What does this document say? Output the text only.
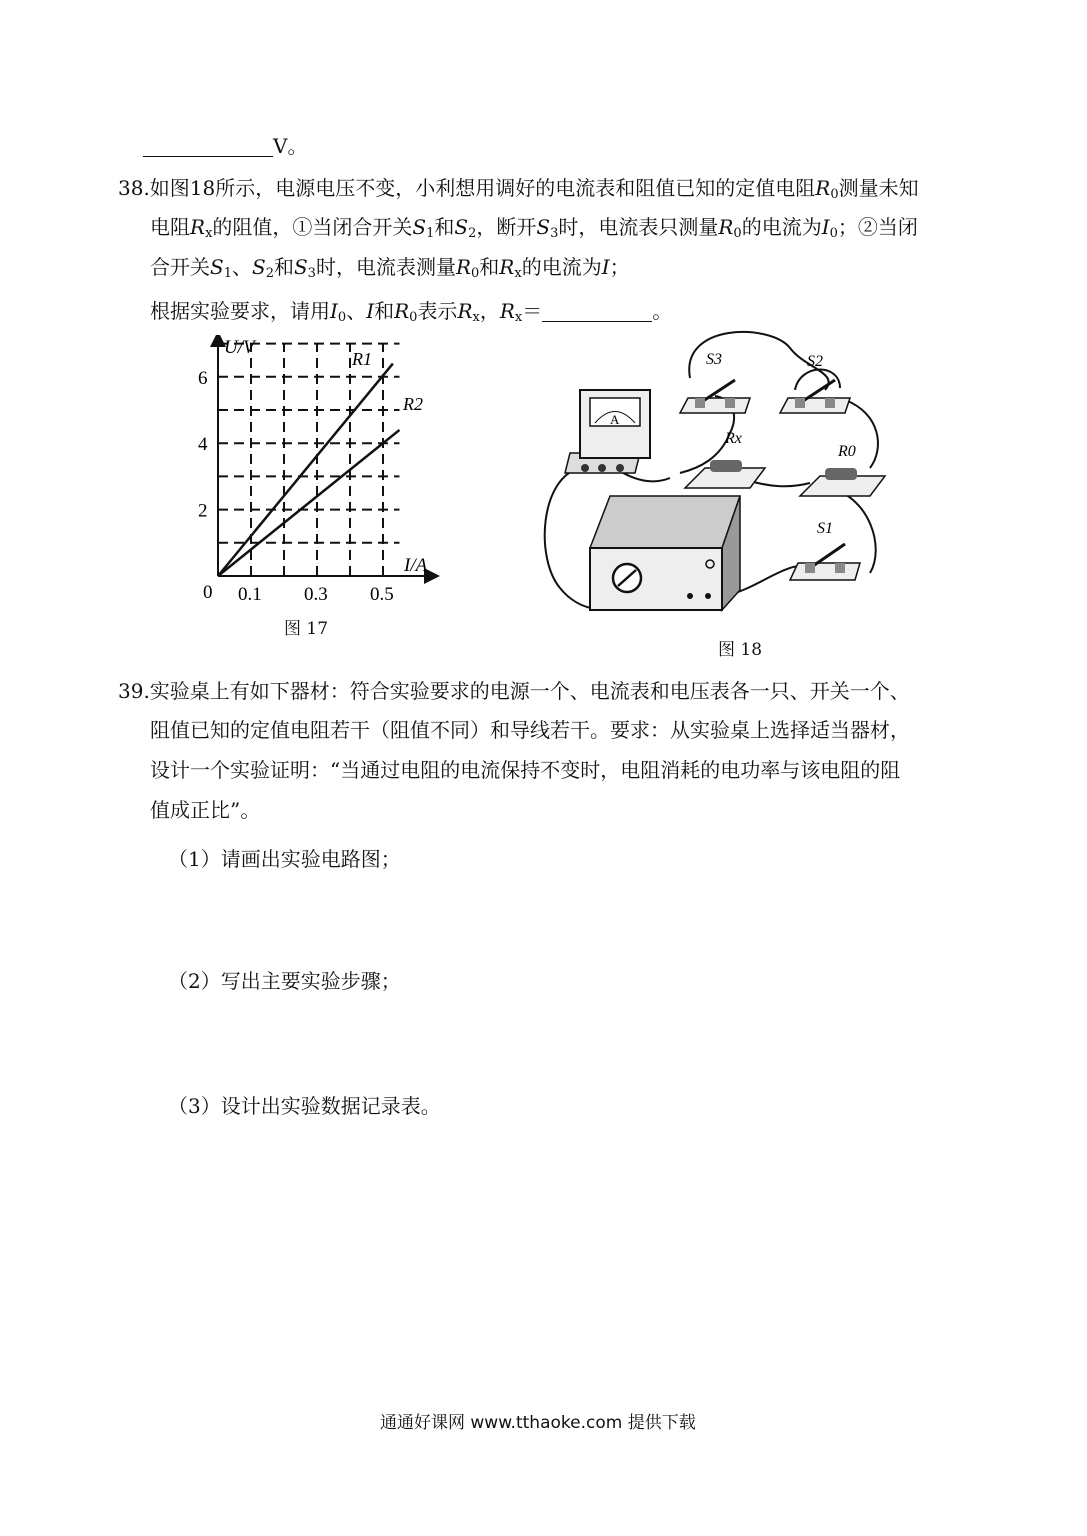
V。
38.如图18所示，电源电压不变，小利想用调好的电流表和阻值已知的定值电阻$R_0$测量未知
电阻$R_x$的阻值，①当闭合开关$S_1$和$S_2$，断开$S_3$时，电流表只测量$R_0$的电流为$I_0$；②当闭
合开关$S_1$、$S_2$和$S_3$时，电流表测量$R_0$和$R_x$的电流为I；
根据实验要求，请用$I_0$、I和$R_0$表示$R_x$，$R_x=$	。
2
4
6
0.1 0.3 0.5
U/V
I/A
0
R1
R2
图 17
A
S3	S2
Rx
R0
S1
图 18
39.实验桌上有如下器材：符合实验要求的电源一个、电流表和电压表各一只、开关一个、
阻值已知的定值电阻若干（阻值不同）和导线若干。要求：从实验桌上选择适当器材，
设计一个实验证明：“当通过电阻的电流保持不变时，电阻消耗的电功率与该电阻的阻
值成正比”。
（1）请画出实验电路图；
（2）写出主要实验步骤；
（3）设计出实验数据记录表。
通通好课网 www.tthaoke.com 提供下载
